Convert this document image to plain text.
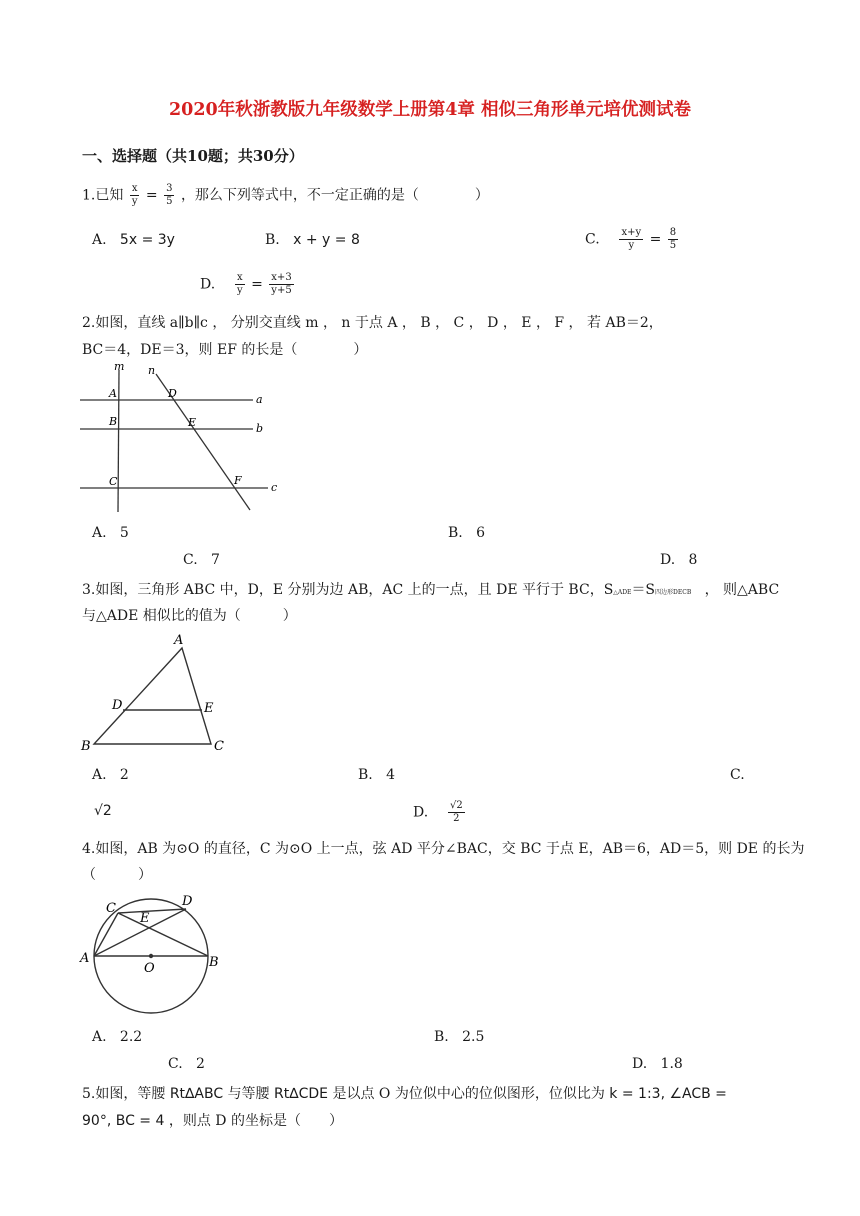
2020年秋浙教版九年级数学上册第4章 相似三角形单元培优测试卷
一、选择题（共10题；共30分）
1.已知 $\frac{x}{y} = \frac{3}{5}$ ，那么下列等式中，不一定正确的是（　　　　）
A. 5x = 3y	B. x + y = 8	C. $\frac{x+y}{y} = \frac{8}{5}$
D. $\frac{x}{y} = \frac{x+3}{y+5}$
2.如图，直线 a∥b∥c ， 分别交直线 m ， n 于点 A ， B ， C ， D ， E ， F ， 若 AB＝2，
BC＝4，DE＝3，则 EF 的长是（　　　　）
m n
A
B
C
D
E
F
a
b
c
A. 5	B. 6
C. 7	D. 8
3.如图，三角形 ABC 中，D，E 分别为边 AB，AC 上的一点，且 DE 平行于 BC，S△ADE＝S四边形DECB ， 则△ABC
与△ADE 相似比的值为（　　　）
A
B	C
D	E
A. 2	B. 4	C.
√2	D. $\frac{√2}{2}$
4.如图，AB 为⊙O 的直径，C 为⊙O 上一点，弦 AD 平分∠BAC，交 BC 于点 E，AB＝6，AD＝5，则 DE 的长为
（　　　）
A	B
C	D
E
O
A. 2.2	B. 2.5
C. 2	D. 1.8
5.如图，等腰 Rt∆ABC 与等腰 Rt∆CDE 是以点 O 为位似中心的位似图形，位似比为 k = 1:3, ∠ACB =
90°, BC = 4 ，则点 D 的坐标是（　　）
